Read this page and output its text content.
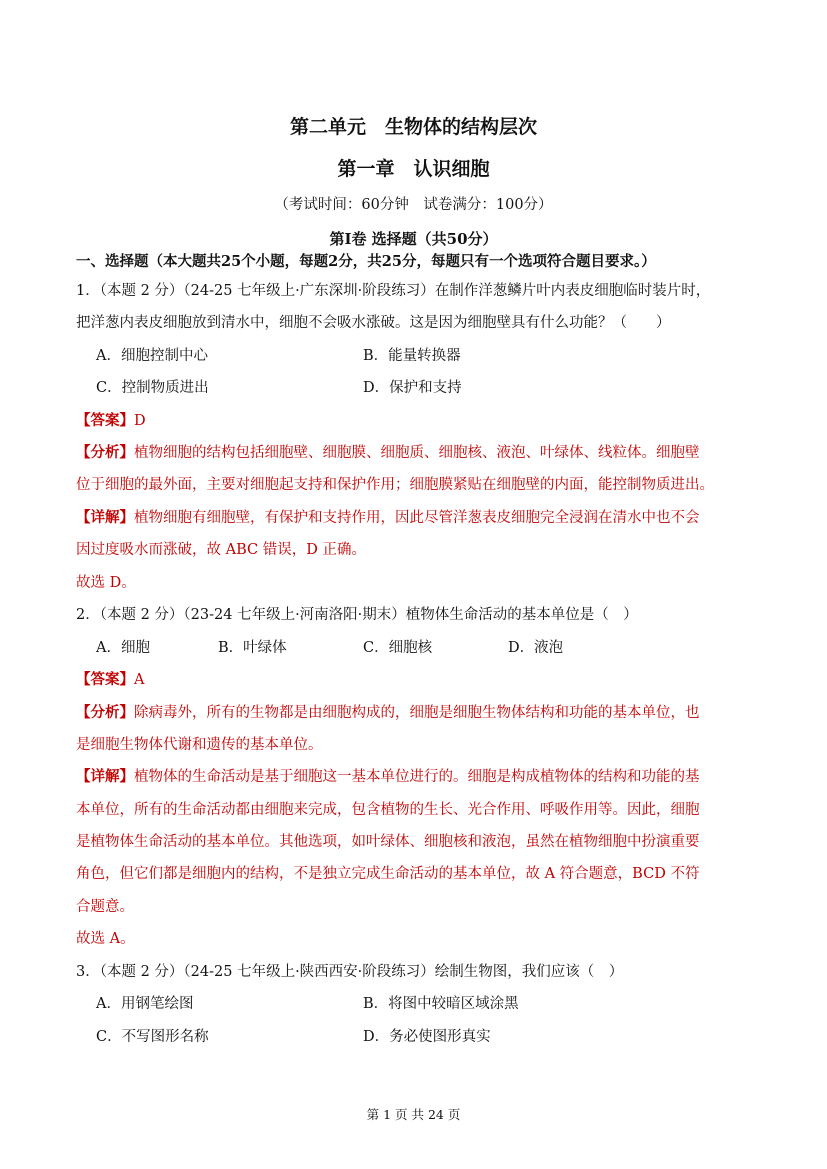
第二单元　生物体的结构层次
第一章　认识细胞
（考试时间：60分钟　试卷满分：100分）
第Ⅰ卷 选择题（共50分）
一、选择题（本大题共25个小题，每题2分，共25分，每题只有一个选项符合题目要求。）
1．（本题 2 分）（24-25 七年级上·广东深圳·阶段练习）在制作洋葱鳞片叶内表皮细胞临时装片时，
把洋葱内表皮细胞放到清水中，细胞不会吸水涨破。这是因为细胞壁具有什么功能？（　　）
A．细胞控制中心	B．能量转换器
C．控制物质进出	D．保护和支持
【答案】D
【分析】植物细胞的结构包括细胞壁、细胞膜、细胞质、细胞核、液泡、叶绿体、线粒体。细胞壁
位于细胞的最外面，主要对细胞起支持和保护作用；细胞膜紧贴在细胞壁的内面，能控制物质进出。
【详解】植物细胞有细胞壁，有保护和支持作用，因此尽管洋葱表皮细胞完全浸润在清水中也不会
因过度吸水而涨破，故 ABC 错误，D 正确。
故选 D。
2．（本题 2 分）（23-24 七年级上·河南洛阳·期末）植物体生命活动的基本单位是（　）
A．细胞	B．叶绿体	C．细胞核	D．液泡
【答案】A
【分析】除病毒外，所有的生物都是由细胞构成的，细胞是细胞生物体结构和功能的基本单位，也
是细胞生物体代谢和遗传的基本单位。
【详解】植物体的生命活动是基于细胞这一基本单位进行的。细胞是构成植物体的结构和功能的基
本单位，所有的生命活动都由细胞来完成，包含植物的生长、光合作用、呼吸作用等。因此，细胞
是植物体生命活动的基本单位。其他选项，如叶绿体、细胞核和液泡，虽然在植物细胞中扮演重要
角色，但它们都是细胞内的结构，不是独立完成生命活动的基本单位，故 A 符合题意，BCD 不符
合题意。
故选 A。
3．（本题 2 分）（24-25 七年级上·陕西西安·阶段练习）绘制生物图，我们应该（　）
A．用钢笔绘图	B．将图中较暗区域涂黑
C．不写图形名称	D．务必使图形真实
第 1 页 共 24 页
